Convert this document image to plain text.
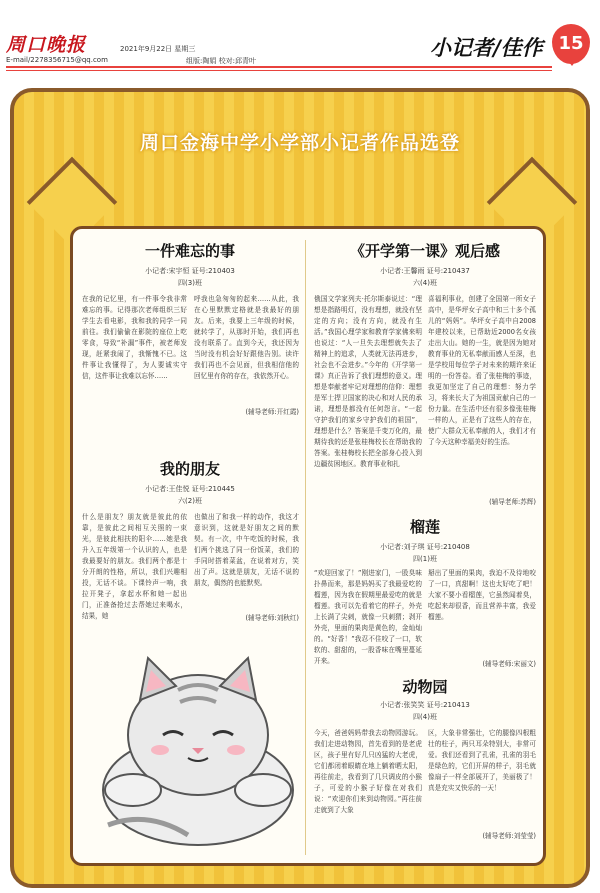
周口晚报
E-mail/2278356715@qq.com
2021年9月22日 星期三
组版:陶娟 校对:邱青叶
小记者/佳作 15
周口金海中学小学部小记者作品选登
一件难忘的事
小记者:宋宇恒 证号:210403
四(3)班
在我的记忆里，有一件事令我非常难忘的事。记得那次老师组织三好学生去看电影，我和我的同学一同前往。我们偷偷在影院的座位上吃零食，导致“补漏”事件，被老师发现，赶紧我闹了，我惭愧不已。这件事让我懂得了，为人要诚实守信，这件事让我难以忘怀……
呼我也急匆匆的起来……从此，我在心里默默定格就是我最好的朋友。后来，我要上三年级的时候，就转学了，从那时开始，我们再也没有联系了。直到今天，我还因为当时没有机会好好跟他告别。读许我们再也不会见面，但我相信他的回忆里有你的存在，我依然开心。
(辅导老师:开红霞)
我的朋友
小记者:王佳悦 证号:210445
六(2)班
什么是朋友？朋友就是彼此的依靠，是彼此之间相互关照的一束光，是彼此相扶的阳伞……她是我升入五年级第一个认识的人，也是我最要好的朋友。我们两个都是十分开朗的性格，所以，我们兴趣相投，无话不谈。下课铃声一响，我拉开凳子，拿起水杯和她一起出门，正准备抢过去帮她过来喝水，结果，她
也做出了和我一样的动作，我这才意识到，这就是好朋友之间的默契。有一次，中午吃饭的时候，我们两个挑选了同一份饭菜，我们的手同时搭着菜盆，在说着对方，笑出了声。这就是朋友，无话不说的朋友，偶然的也能默契。
(辅导老师:刘秋红)
《开学第一课》观后感
小记者:王馨雨 证号:210437
六(4)班
俄国文学家列夫·托尔斯泰说过：“理想是指路明灯，没有理想，就没有坚定的方向；没有方向，就没有生活。”我国心理学家和教育学家佛来明也说过：“人一旦失去理想就失去了精神上的追求，人类就无法再进步，社会也不会进步。”今年的《开学第一课》真正告诉了我们理想的意义。理想是奉献者牢记对理想的信仰：理想是军士捍卫国家的决心和对人民的承诺，理想是都没有任何怨言。“一起守护我们的家乡守护我们的祖国”，理想是什么？答案是千变万化的，最期待我的还是张桂梅校长在帮助我的答案。张桂梅校长把全部身心投入到边疆贫困地区。教育事业和扎
喜福利事业，创建了全国第一所女子高中，是华坪女子高中和三十多个孤儿的“妈妈”。华坪女子高中自2008年建校以来，已帮助近2000名女孩走出大山。她的一生，就是因为她对教育事业的无私奉献而感人至深，也是学校用每位学子对未来的期许来证明的一份答卷。看了张桂梅的事迹，我更加坚定了自己的理想：努力学习，将来长大了为祖国贡献自己的一份力量。在生活中还有很多像张桂梅一样的人，正是有了这些人的存在，使广大群众无私奉献的人，我们才有了今天这种幸福美好的生活。
(辅导老师:苏辉)
榴莲
小记者:刘子琪 证号:210408
四(1)班
“欢迎回家了！”刚进家门，一股臭味扑鼻而来，那是妈妈买了我最爱吃的榴莲，因为我在假期里最爱吃的就是榴莲。我可以先看着它的样子，外壳上长满了尖刺，就像一只刺猬；剥开外壳，里面的果肉是黄色的，金灿灿的。“好香！”我忍不住咬了一口，软软的、甜甜的，一股香味在嘴里蔓延开来。
掰出了里面的果肉，我迫不及待地咬了一口，真甜啊！这也太好吃了吧！大家不要小看榴莲，它虽然闻着臭，吃起来却很香，而且营养丰富，我爱榴莲。
(辅导老师:宋丽文)
动物园
小记者:张笑笑 证号:210413
四(4)班
今天，爸爸妈妈带我去动物园游玩。我们走进动物园，首先看到的是老虎区，孩子里有好几只凶猛的大老虎，它们都闭着眼睛在地上躺着晒太阳，再往前走，我看到了几只调皮的小猴子，可爱的小猴子好像在对我们说：“欢迎你们来到动物园。”再往前走就到了大象
区，大象非常强壮，它的腿像四根粗壮的柱子，两只耳朵特别大，非常可爱。我们还看到了孔雀，孔雀的羽毛是绿色的，它们开屏的样子，羽毛就像扇子一样全部展开了，美丽极了！真是充实又快乐的一天！
(辅导老师:刘莹莹)
